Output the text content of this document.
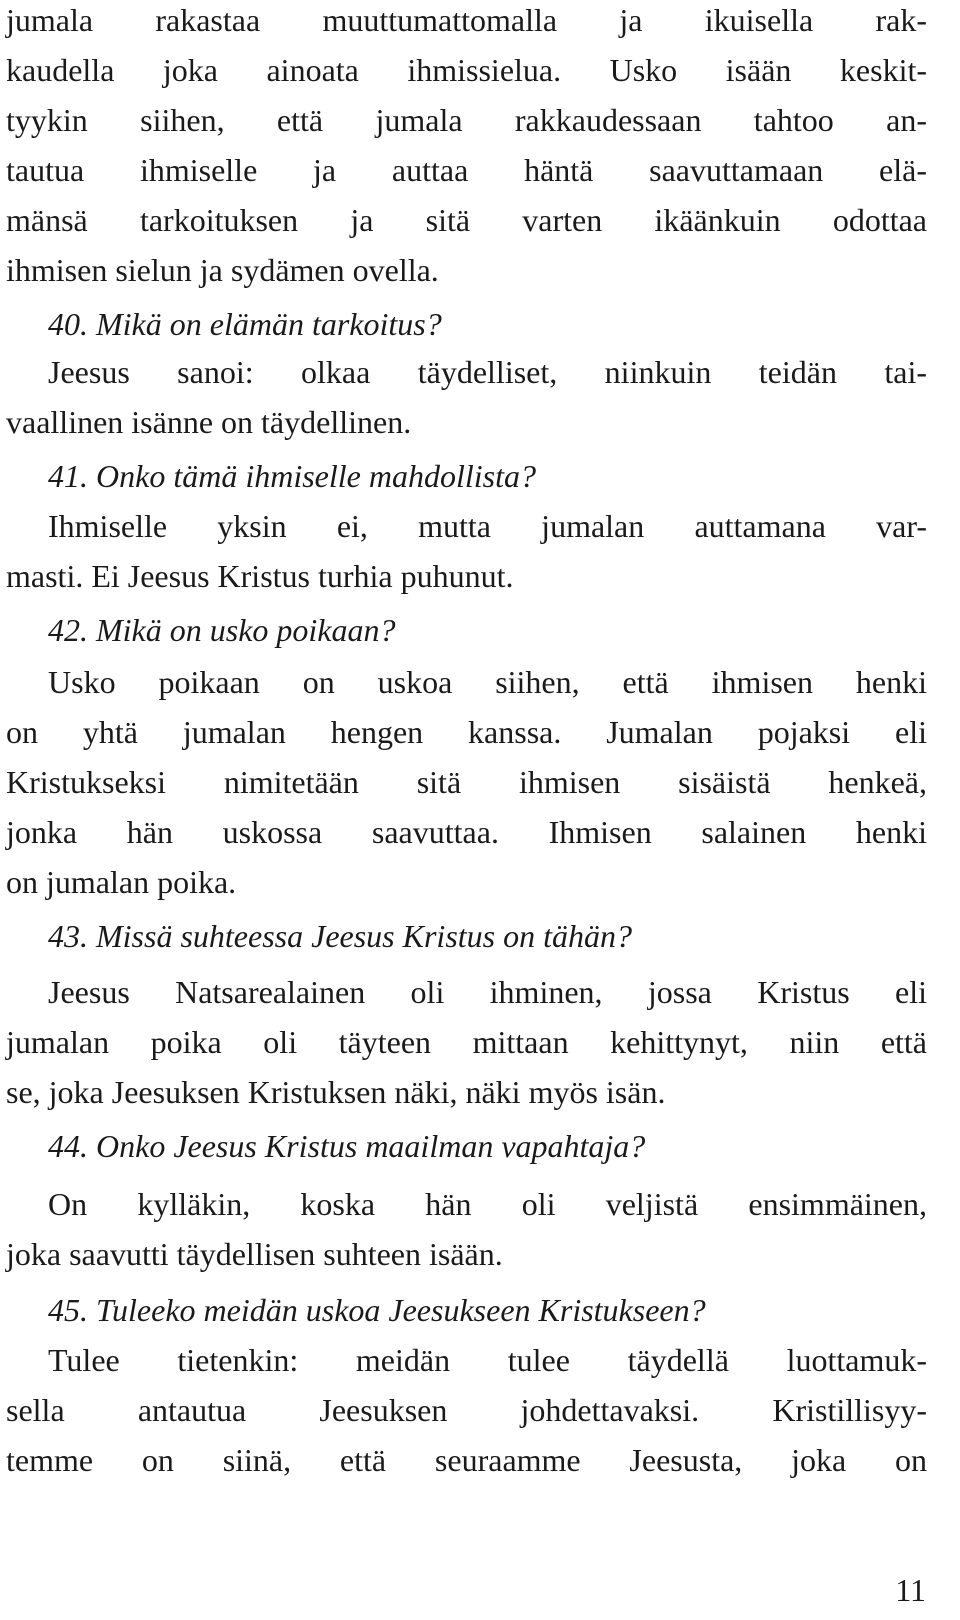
jumala rakastaa muuttumattomalla ja ikuisella rak-
kaudella joka ainoata ihmissielua. Usko isään keskit-
tyykin siihen, että jumala rakkaudessaan tahtoo an-
tautua ihmiselle ja auttaa häntä saavuttamaan elä-
mänsä tarkoituksen ja sitä varten ikäänkuin odottaa
ihmisen sielun ja sydämen ovella.
40. Mikä on elämän tarkoitus?
Jeesus sanoi: olkaa täydelliset, niinkuin teidän tai-
vaallinen isänne on täydellinen.
41. Onko tämä ihmiselle mahdollista?
Ihmiselle yksin ei, mutta jumalan auttamana var-
masti. Ei Jeesus Kristus turhia puhunut.
42. Mikä on usko poikaan?
Usko poikaan on uskoa siihen, että ihmisen henki
on yhtä jumalan hengen kanssa. Jumalan pojaksi eli
Kristukseksi nimitetään sitä ihmisen sisäistä henkeä,
jonka hän uskossa saavuttaa. Ihmisen salainen henki
on jumalan poika.
43. Missä suhteessa Jeesus Kristus on tähän?
Jeesus Natsarealainen oli ihminen, jossa Kristus eli
jumalan poika oli täyteen mittaan kehittynyt, niin että
se, joka Jeesuksen Kristuksen näki, näki myös isän.
44. Onko Jeesus Kristus maailman vapahtaja?
On kylläkin, koska hän oli veljistä ensimmäinen,
joka saavutti täydellisen suhteen isään.
45. Tuleeko meidän uskoa Jeesukseen Kristukseen?
Tulee tietenkin: meidän tulee täydellä luottamuk-
sella antautua Jeesuksen johdettavaksi. Kristillisyy-
temme on siinä, että seuraamme Jeesusta, joka on
11
